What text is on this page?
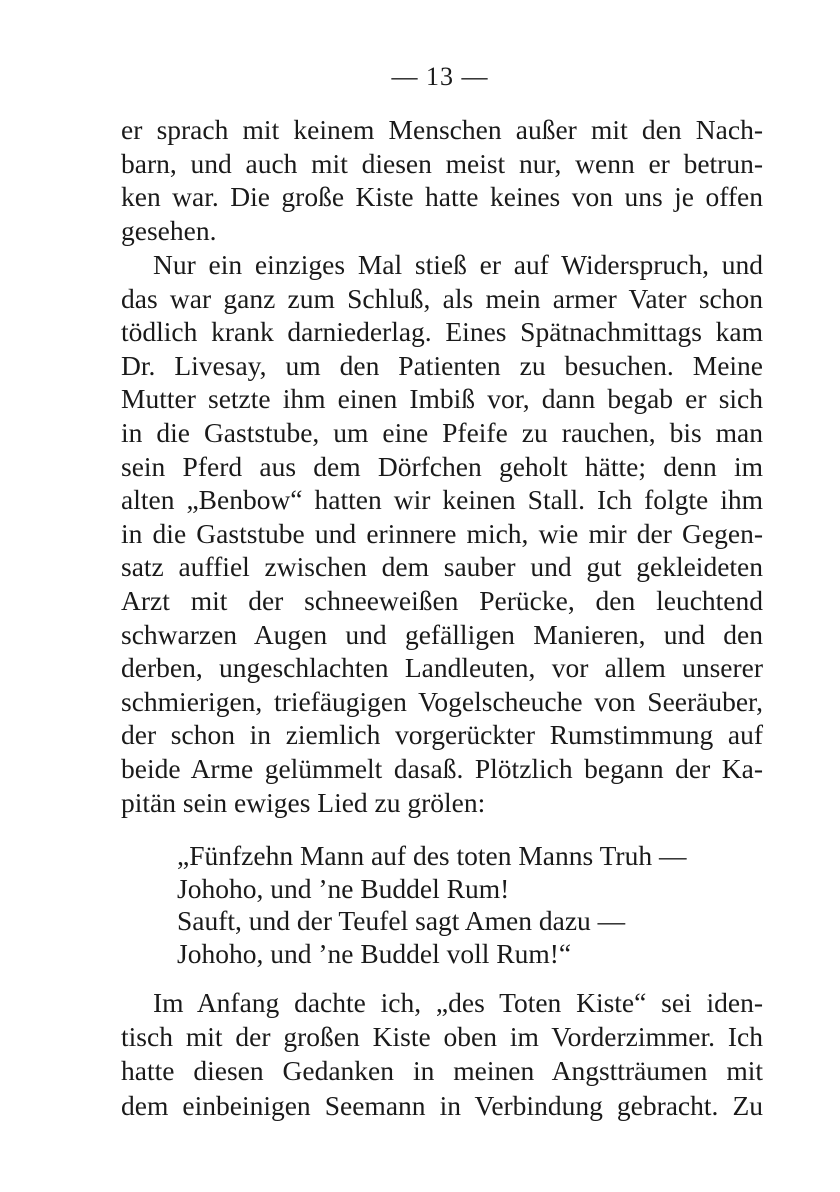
— 13 —
er sprach mit keinem Menschen außer mit den Nach-
barn, und auch mit diesen meist nur, wenn er betrun-
ken war. Die große Kiste hatte keines von uns je offen
gesehen.
Nur ein einziges Mal stieß er auf Widerspruch, und
das war ganz zum Schluß, als mein armer Vater schon
tödlich krank darniederlag. Eines Spätnachmittags kam
Dr. Livesay, um den Patienten zu besuchen. Meine
Mutter setzte ihm einen Imbiß vor, dann begab er sich
in die Gaststube, um eine Pfeife zu rauchen, bis man
sein Pferd aus dem Dörfchen geholt hätte; denn im
alten „Benbow“ hatten wir keinen Stall. Ich folgte ihm
in die Gaststube und erinnere mich, wie mir der Gegen-
satz auffiel zwischen dem sauber und gut gekleideten
Arzt mit der schneeweißen Perücke, den leuchtend
schwarzen Augen und gefälligen Manieren, und den
derben, ungeschlachten Landleuten, vor allem unserer
schmierigen, triefäugigen Vogelscheuche von Seeräuber,
der schon in ziemlich vorgerückter Rumstimmung auf
beide Arme gelümmelt dasaß. Plötzlich begann der Ka-
pitän sein ewiges Lied zu grölen:
„Fünfzehn Mann auf des toten Manns Truh —
Johoho, und ’ne Buddel Rum!
Sauft, und der Teufel sagt Amen dazu —
Johoho, und ’ne Buddel voll Rum!“
Im Anfang dachte ich, „des Toten Kiste“ sei iden-
tisch mit der großen Kiste oben im Vorderzimmer. Ich
hatte diesen Gedanken in meinen Angstträumen mit
dem einbeinigen Seemann in Verbindung gebracht. Zu
